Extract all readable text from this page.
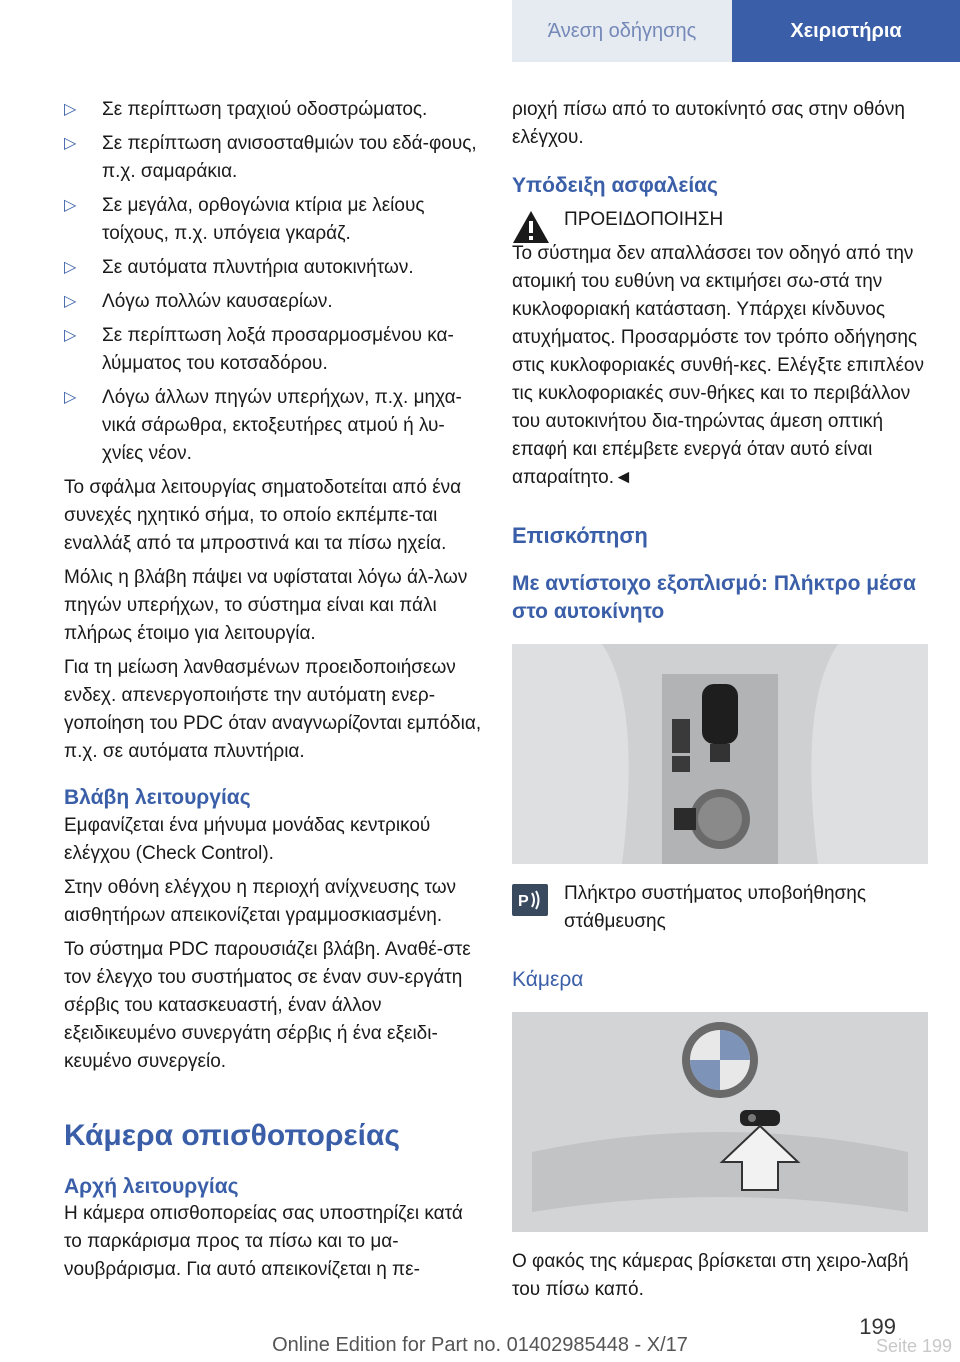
Άνεση οδήγησης	Χειριστήρια
▷ Σε περίπτωση τραχιού οδοστρώματος.
▷ Σε περίπτωση ανισοσταθμιών του εδά-φους, π.χ. σαμαράκια.
▷ Σε μεγάλα, ορθογώνια κτίρια με λείους τοίχους, π.χ. υπόγεια γκαράζ.
▷ Σε αυτόματα πλυντήρια αυτοκινήτων.
▷ Λόγω πολλών καυσαερίων.
▷ Σε περίπτωση λοξά προσαρμοσμένου κα-λύμματος του κοτσαδόρου.
▷ Λόγω άλλων πηγών υπερήχων, π.χ. μηχα-νικά σάρωθρα, εκτοξευτήρες ατμού ή λυ-χνίες νέον.

Το σφάλμα λειτουργίας σηματοδοτείται από ένα συνεχές ηχητικό σήμα, το οποίο εκπέμπε-ται εναλλάξ από τα μπροστινά και τα πίσω ηχεία.

Μόλις η βλάβη πάψει να υφίσταται λόγω άλ-λων πηγών υπερήχων, το σύστημα είναι και πάλι πλήρως έτοιμο για λειτουργία.

Για τη μείωση λανθασμένων προειδοποιήσεων ενδεχ. απενεργοποιήστε την αυτόματη ενερ-γοποίηση του PDC όταν αναγνωρίζονται εμπόδια, π.χ. σε αυτόματα πλυντήρια.

Βλάβη λειτουργίας

Εμφανίζεται ένα μήνυμα μονάδας κεντρικού ελέγχου (Check Control).

Στην οθόνη ελέγχου η περιοχή ανίχνευσης των αισθητήρων απεικονίζεται γραμμοσκιασμένη.

Το σύστημα PDC παρουσιάζει βλάβη. Αναθέ-στε τον έλεγχο του συστήματος σε έναν συν-εργάτη σέρβις του κατασκευαστή, έναν άλλον εξειδικευμένο συνεργάτη σέρβις ή ένα εξειδι-κευμένο συνεργείο.

Κάμερα οπισθοπορείας
Αρχή λειτουργίας

Η κάμερα οπισθοπορείας σας υποστηρίζει κατά το παρκάρισμα προς τα πίσω και το μα-νουβράρισμα. Για αυτό απεικονίζεται η πε-

ριοχή πίσω από το αυτοκίνητό σας στην οθόνη ελέγχου.

Υπόδειξη ασφαλείας
ΠΡΟΕΙΔΟΠΟΙΗΣΗ

Το σύστημα δεν απαλλάσσει τον οδηγό από την ατομική του ευθύνη να εκτιμήσει σω-στά την κυκλοφοριακή κατάσταση. Υπάρχει κίνδυνος ατυχήματος. Προσαρμόστε τον τρόπο οδήγησης στις κυκλοφοριακές συνθή-κες. Ελέγξτε επιπλέον τις κυκλοφοριακές συν-θήκες και το περιβάλλον του αυτοκινήτου δια-τηρώντας άμεση οπτική επαφή και επέμβετε ενεργά όταν αυτό είναι απαραίτητο.◄

Επισκόπηση
Με αντίστοιχο εξοπλισμό: Πλήκτρο μέσα στο αυτοκίνητο
P Πλήκτρο συστήματος υποβοήθησης στάθμευσης
Κάμερα

Ο φακός της κάμερας βρίσκεται στη χειρο-λαβή του πίσω καπό.

199
Online Edition for Part no. 01402985448 - X/17	Seite 199
